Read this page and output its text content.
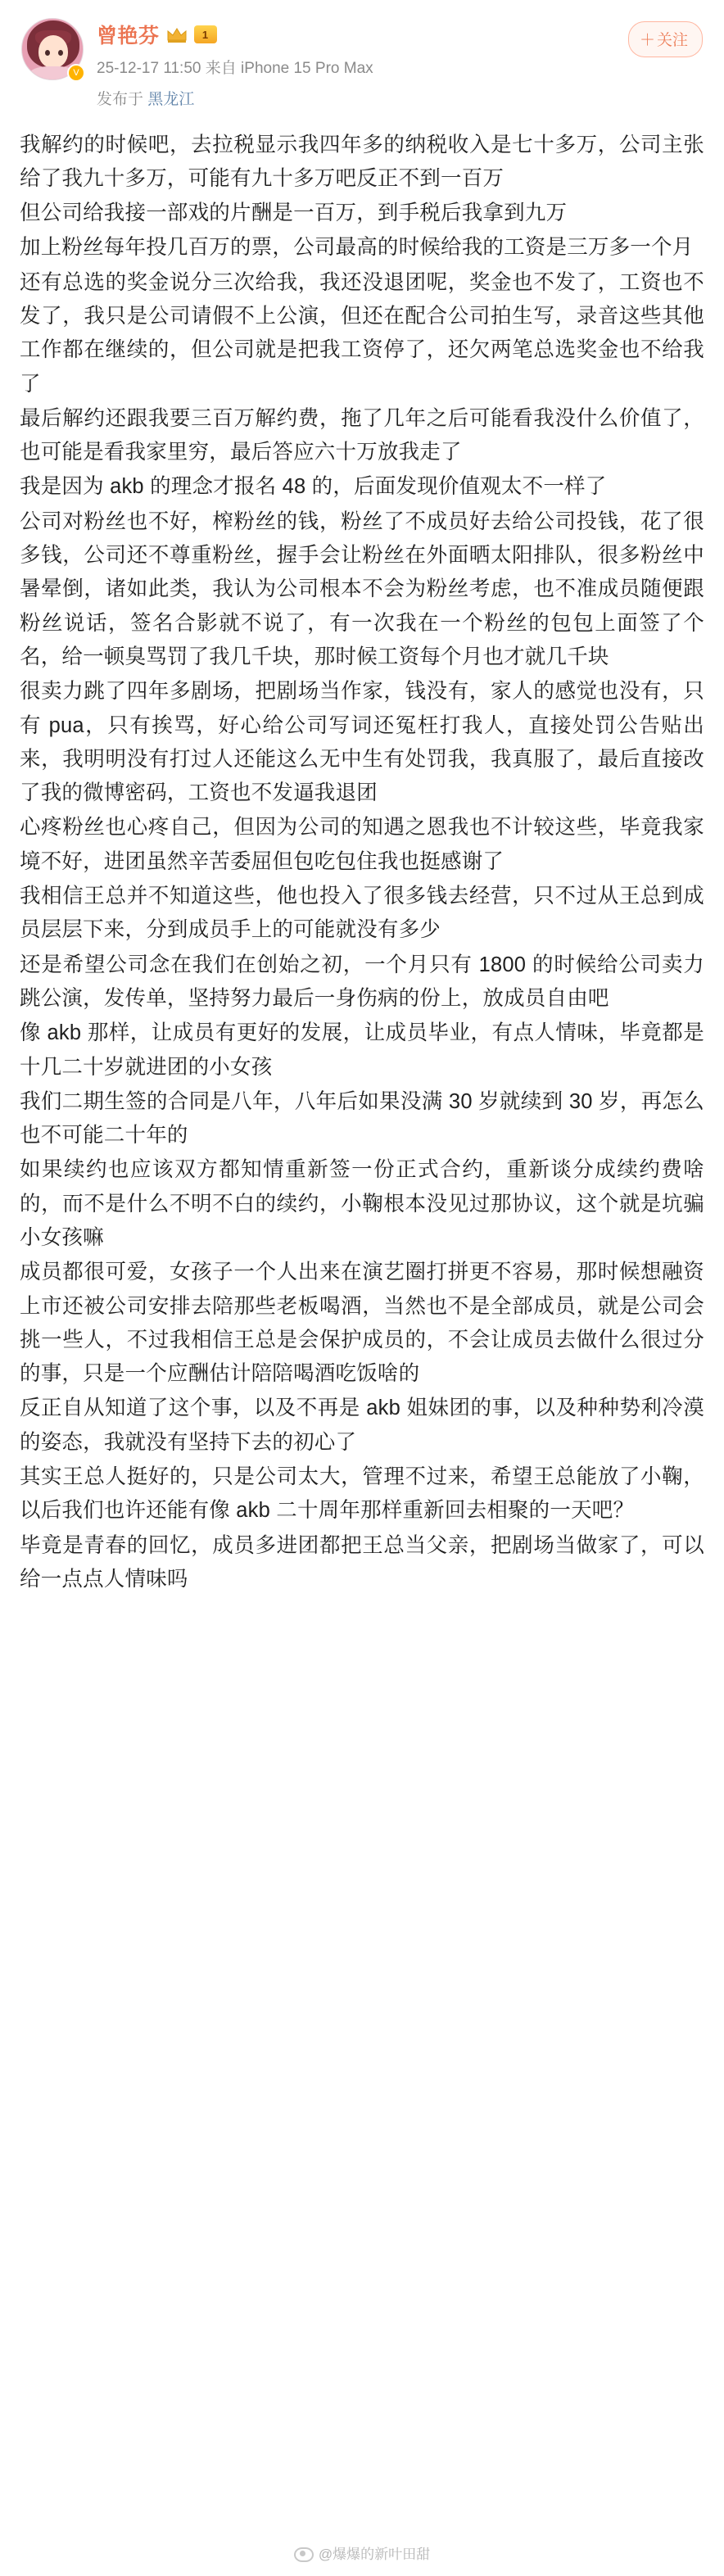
V
曾艳芬	1
25-12-17 11:50 来自 iPhone 15 Pro Max
发布于 黑龙江
＋ 关注

我解约的时候吧，去拉税显示我四年多的纳税收入是七十多万，公司主张给了我九十多万，可能有九十多万吧反正不到一百万

但公司给我接一部戏的片酬是一百万，到手税后我拿到九万

加上粉丝每年投几百万的票，公司最高的时候给我的工资是三万多一个月

还有总选的奖金说分三次给我，我还没退团呢，奖金也不发了，工资也不发了，我只是公司请假不上公演，但还在配合公司拍生写，录音这些其他工作都在继续的，但公司就是把我工资停了，还欠两笔总选奖金也不给我了

最后解约还跟我要三百万解约费，拖了几年之后可能看我没什么价值了，也可能是看我家里穷，最后答应六十万放我走了

我是因为 akb 的理念才报名 48 的，后面发现价值观太不一样了

公司对粉丝也不好，榨粉丝的钱，粉丝了不成员好去给公司投钱，花了很多钱，公司还不尊重粉丝，握手会让粉丝在外面晒太阳排队，很多粉丝中暑晕倒，诸如此类，我认为公司根本不会为粉丝考虑，也不准成员随便跟粉丝说话，签名合影就不说了，有一次我在一个粉丝的包包上面签了个名，给一顿臭骂罚了我几千块，那时候工资每个月也才就几千块

很卖力跳了四年多剧场，把剧场当作家，钱没有，家人的感觉也没有，只有 pua，只有挨骂，好心给公司写词还冤枉打我人，直接处罚公告贴出来，我明明没有打过人还能这么无中生有处罚我，我真服了，最后直接改了我的微博密码，工资也不发逼我退团

心疼粉丝也心疼自己，但因为公司的知遇之恩我也不计较这些，毕竟我家境不好，进团虽然辛苦委屈但包吃包住我也挺感谢了

我相信王总并不知道这些，他也投入了很多钱去经营，只不过从王总到成员层层下来，分到成员手上的可能就没有多少

还是希望公司念在我们在创始之初，一个月只有 1800 的时候给公司卖力跳公演，发传单，坚持努力最后一身伤病的份上，放成员自由吧

像 akb 那样，让成员有更好的发展，让成员毕业，有点人情味，毕竟都是十几二十岁就进团的小女孩

我们二期生签的合同是八年，八年后如果没满 30 岁就续到 30 岁，再怎么也不可能二十年的

如果续约也应该双方都知情重新签一份正式合约，重新谈分成续约费啥的，而不是什么不明不白的续约，小鞠根本没见过那协议，这个就是坑骗小女孩嘛

成员都很可爱，女孩子一个人出来在演艺圈打拼更不容易，那时候想融资上市还被公司安排去陪那些老板喝酒，当然也不是全部成员，就是公司会挑一些人，不过我相信王总是会保护成员的，不会让成员去做什么很过分的事，只是一个应酬估计陪陪喝酒吃饭啥的

反正自从知道了这个事，以及不再是 akb 姐妹团的事，以及种种势利冷漠的姿态，我就没有坚持下去的初心了

其实王总人挺好的，只是公司太大，管理不过来，希望王总能放了小鞠，以后我们也许还能有像 akb 二十周年那样重新回去相聚的一天吧？

毕竟是青春的回忆，成员多进团都把王总当父亲，把剧场当做家了，可以给一点点人情味吗

@爆爆的新叶田甜
